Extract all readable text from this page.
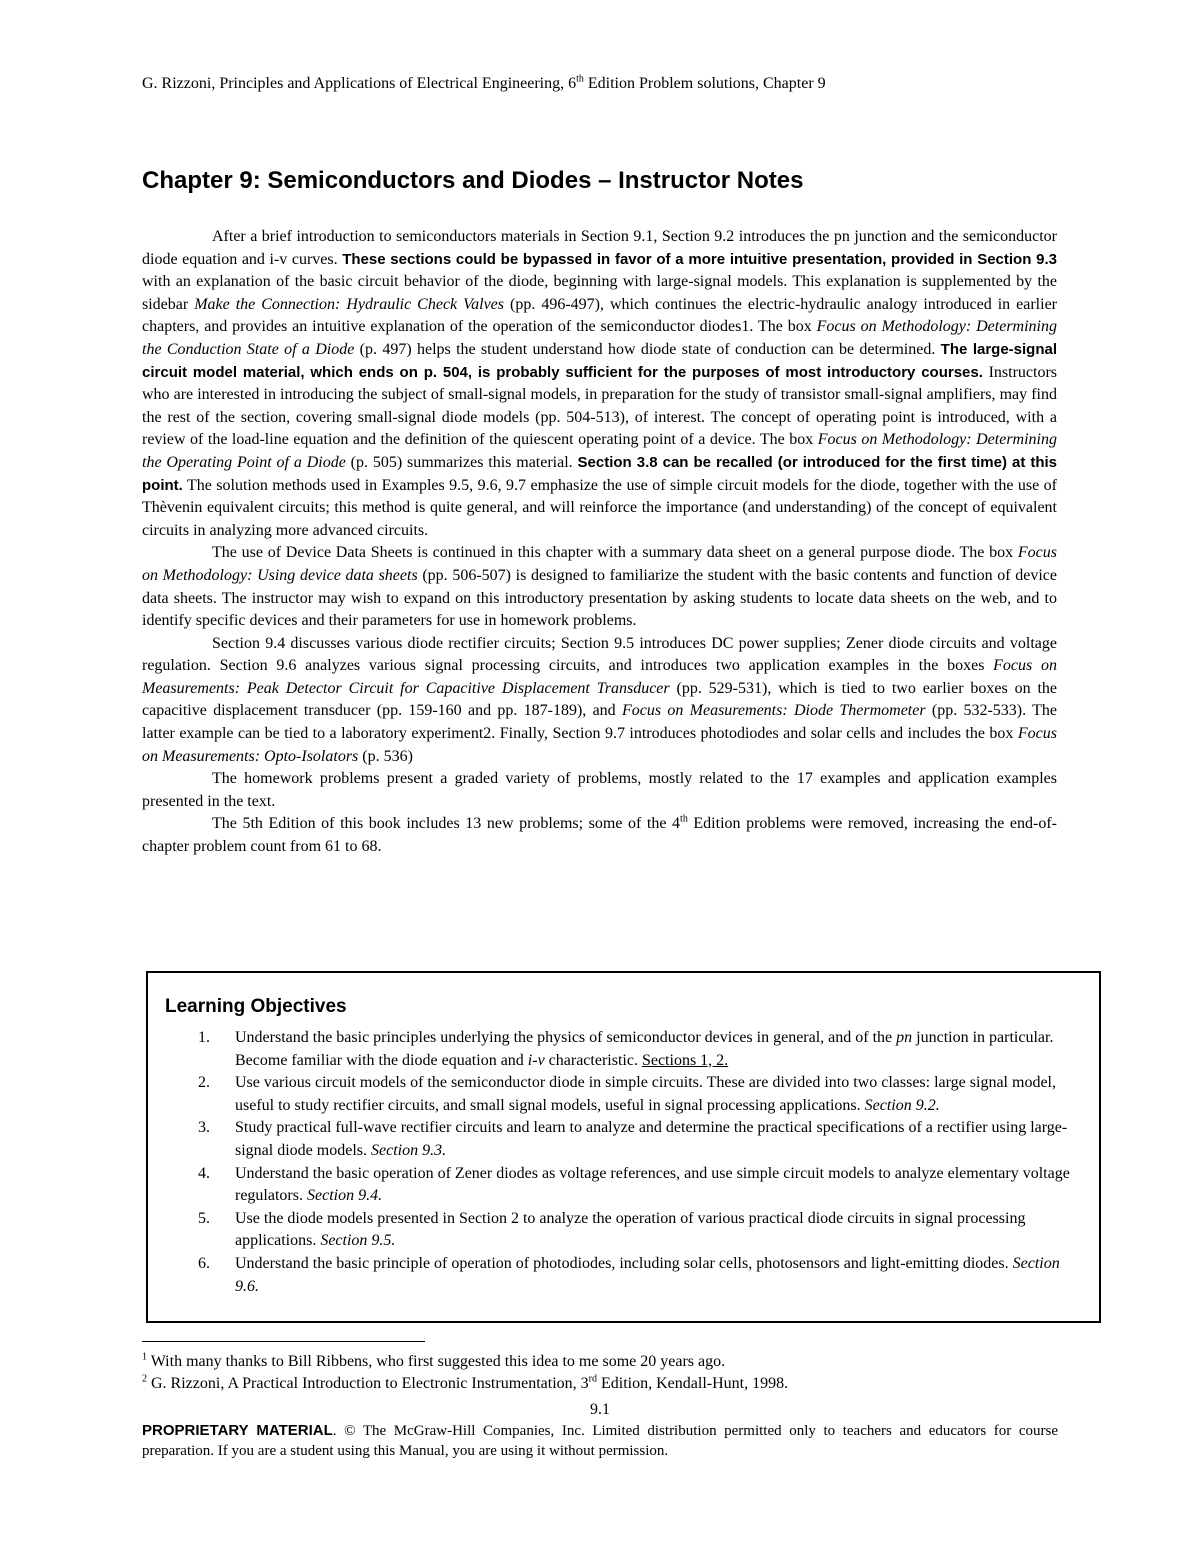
G. Rizzoni, Principles and Applications of Electrical Engineering, 6th Edition Problem solutions, Chapter 9
Chapter 9: Semiconductors and Diodes – Instructor Notes

After a brief introduction to semiconductors materials in Section 9.1, Section 9.2 introduces the pn junction and the semiconductor diode equation and i-v curves. These sections could be bypassed in favor of a more intuitive presentation, provided in Section 9.3 with an explanation of the basic circuit behavior of the diode, beginning with large-signal models. This explanation is supplemented by the sidebar Make the Connection: Hydraulic Check Valves (pp. 496-497), which continues the electric-hydraulic analogy introduced in earlier chapters, and provides an intuitive explanation of the operation of the semiconductor diodes1. The box Focus on Methodology: Determining the Conduction State of a Diode (p. 497) helps the student understand how diode state of conduction can be determined. The large-signal circuit model material, which ends on p. 504, is probably sufficient for the purposes of most introductory courses. Instructors who are interested in introducing the subject of small-signal models, in preparation for the study of transistor small-signal amplifiers, may find the rest of the section, covering small-signal diode models (pp. 504-513), of interest. The concept of operating point is introduced, with a review of the load-line equation and the definition of the quiescent operating point of a device. The box Focus on Methodology: Determining the Operating Point of a Diode (p. 505) summarizes this material. Section 3.8 can be recalled (or introduced for the first time) at this point. The solution methods used in Examples 9.5, 9.6, 9.7 emphasize the use of simple circuit models for the diode, together with the use of Thèvenin equivalent circuits; this method is quite general, and will reinforce the importance (and understanding) of the concept of equivalent circuits in analyzing more advanced circuits.

The use of Device Data Sheets is continued in this chapter with a summary data sheet on a general purpose diode. The box Focus on Methodology: Using device data sheets (pp. 506-507) is designed to familiarize the student with the basic contents and function of device data sheets. The instructor may wish to expand on this introductory presentation by asking students to locate data sheets on the web, and to identify specific devices and their parameters for use in homework problems.

Section 9.4 discusses various diode rectifier circuits; Section 9.5 introduces DC power supplies; Zener diode circuits and voltage regulation. Section 9.6 analyzes various signal processing circuits, and introduces two application examples in the boxes Focus on Measurements: Peak Detector Circuit for Capacitive Displacement Transducer (pp. 529-531), which is tied to two earlier boxes on the capacitive displacement transducer (pp. 159-160 and pp. 187-189), and Focus on Measurements: Diode Thermometer (pp. 532-533). The latter example can be tied to a laboratory experiment2. Finally, Section 9.7 introduces photodiodes and solar cells and includes the box Focus on Measurements: Opto-Isolators (p. 536)

The homework problems present a graded variety of problems, mostly related to the 17 examples and application examples presented in the text.

The 5th Edition of this book includes 13 new problems; some of the 4th Edition problems were removed, increasing the end-of-chapter problem count from 61 to 68.

Learning Objectives
1. Understand the basic principles underlying the physics of semiconductor devices in general, and of the pn junction in particular. Become familiar with the diode equation and i-v characteristic. Sections 1, 2.
2. Use various circuit models of the semiconductor diode in simple circuits. These are divided into two classes: large signal model, useful to study rectifier circuits, and small signal models, useful in signal processing applications. Section 9.2.
3. Study practical full-wave rectifier circuits and learn to analyze and determine the practical specifications of a rectifier using large-signal diode models. Section 9.3.
4. Understand the basic operation of Zener diodes as voltage references, and use simple circuit models to analyze elementary voltage regulators. Section 9.4.
5. Use the diode models presented in Section 2 to analyze the operation of various practical diode circuits in signal processing applications. Section 9.5.
6. Understand the basic principle of operation of photodiodes, including solar cells, photosensors and light-emitting diodes. Section 9.6.

$^1$ With many thanks to Bill Ribbens, who first suggested this idea to me some 20 years ago.

$^2$ G. Rizzoni, A Practical Introduction to Electronic Instrumentation, 3rd Edition, Kendall-Hunt, 1998.

9.1
PROPRIETARY MATERIAL. © The McGraw-Hill Companies, Inc. Limited distribution permitted only to teachers and educators for course preparation. If you are a student using this Manual, you are using it without permission.
